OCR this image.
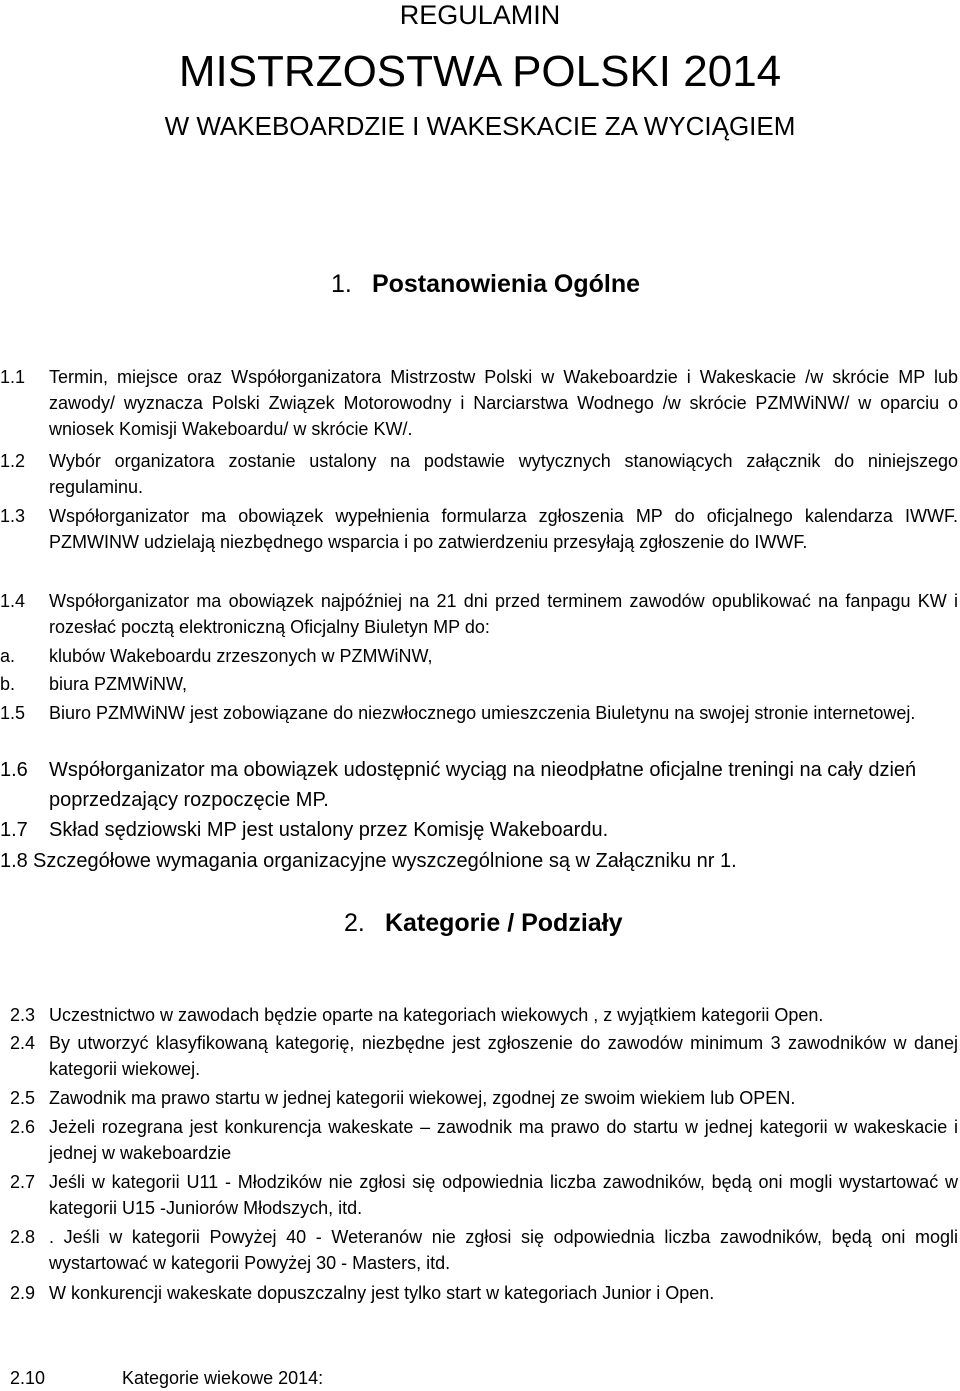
REGULAMIN
MISTRZOSTWA POLSKI 2014
W WAKEBOARDZIE I WAKESKACIE ZA WYCIĄGIEM
1. Postanowienia Ogólne
1.1 Termin, miejsce oraz Współorganizatora Mistrzostw Polski w Wakeboardzie i Wakeskacie /w skrócie MP lub zawody/ wyznacza Polski Związek Motorowodny i Narciarstwa Wodnego /w skrócie PZMWiNW/ w oparciu o wniosek Komisji Wakeboardu/ w skrócie KW/.
1.2 Wybór organizatora zostanie ustalony na podstawie wytycznych stanowiących załącznik do niniejszego regulaminu.
1.3 Współorganizator ma obowiązek wypełnienia formularza zgłoszenia MP do oficjalnego kalendarza IWWF. PZMWINW udzielają niezbędnego wsparcia i po zatwierdzeniu przesyłają zgłoszenie do IWWF.
1.4 Współorganizator ma obowiązek najpóźniej na 21 dni przed terminem zawodów opublikować na fanpagu KW i rozesłać pocztą elektroniczną Oficjalny Biuletyn MP do:
a. klubów Wakeboardu zrzeszonych w PZMWiNW,
b. biura PZMWiNW,
1.5 Biuro PZMWiNW jest zobowiązane do niezwłocznego umieszczenia Biuletynu na swojej stronie internetowej.
1.6 Współorganizator ma obowiązek udostępnić wyciąg na nieodpłatne oficjalne treningi na cały dzień poprzedzający rozpoczęcie MP.
1.7 Skład sędziowski MP jest ustalony przez Komisję Wakeboardu.
1.8 Szczegółowe wymagania organizacyjne wyszczególnione są w Załączniku nr 1.
2. Kategorie / Podziały
2.3 Uczestnictwo w zawodach będzie oparte na kategoriach wiekowych , z wyjątkiem kategorii Open.
2.4 By utworzyć klasyfikowaną kategorię, niezbędne jest zgłoszenie do zawodów minimum 3 zawodników w danej kategorii wiekowej.
2.5 Zawodnik ma prawo startu w jednej kategorii wiekowej, zgodnej ze swoim wiekiem lub OPEN.
2.6 Jeżeli rozegrana jest konkurencja wakeskate – zawodnik ma prawo do startu w jednej kategorii w wakeskacie i jednej w wakeboardzie
2.7 Jeśli w kategorii U11 - Młodzików nie zgłosi się odpowiednia liczba zawodników, będą oni mogli wystartować w kategorii U15 -Juniorów Młodszych, itd.
2.8 . Jeśli w kategorii Powyżej 40 - Weteranów nie zgłosi się odpowiednia liczba zawodników, będą oni mogli wystartować w kategorii Powyżej 30 - Masters, itd.
2.9 W konkurencji wakeskate dopuszczalny jest tylko start w kategoriach Junior i Open.
2.10	Kategorie wiekowe 2014:
